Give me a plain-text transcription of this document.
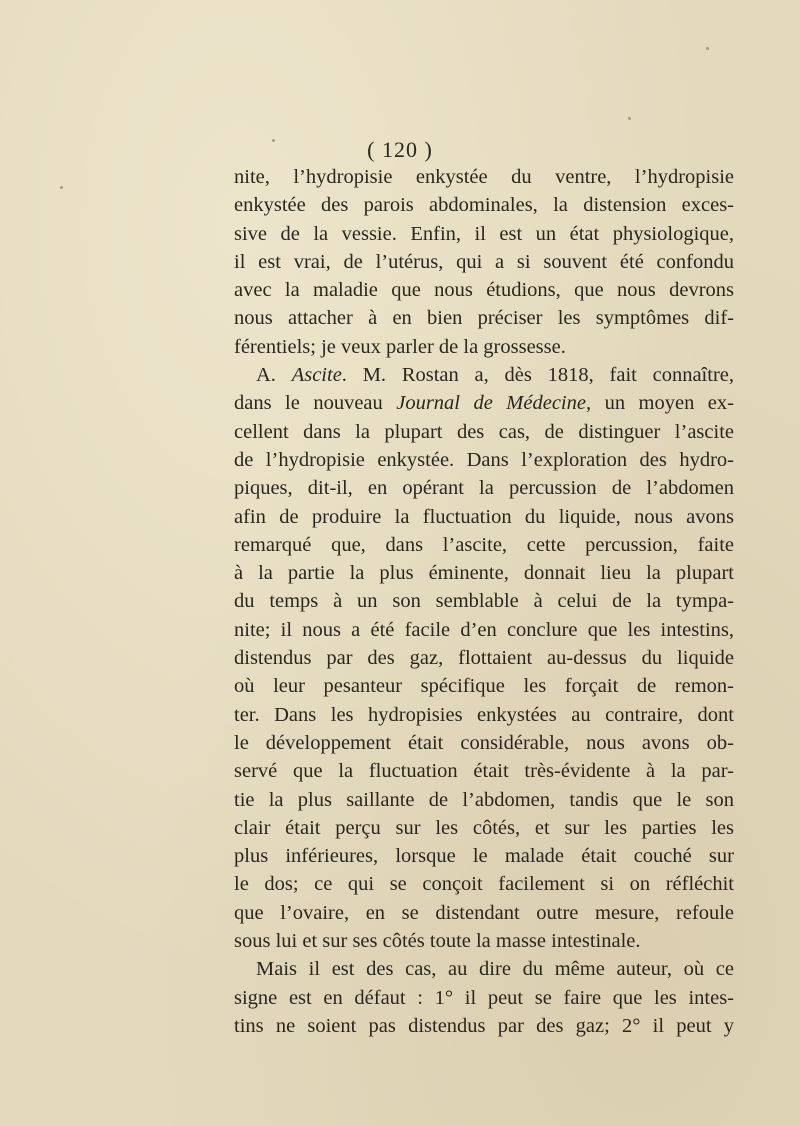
( 120 )
nite, l’hydropisie enkystée du ventre, l’hydropisie
enkystée des parois abdominales, la distension exces-
sive de la vessie. Enfin, il est un état physiologique,
il est vrai, de l’utérus, qui a si souvent été confondu
avec la maladie que nous étudions, que nous devrons
nous attacher à en bien préciser les symptômes dif-
férentiels; je veux parler de la grossesse.
A. Ascite. M. Rostan a, dès 1818, fait connaître,
dans le nouveau Journal de Médecine, un moyen ex-
cellent dans la plupart des cas, de distinguer l’ascite
de l’hydropisie enkystée. Dans l’exploration des hydro-
piques, dit-il, en opérant la percussion de l’abdomen
afin de produire la fluctuation du liquide, nous avons
remarqué que, dans l’ascite, cette percussion, faite
à la partie la plus éminente, donnait lieu la plupart
du temps à un son semblable à celui de la tympa-
nite; il nous a été facile d’en conclure que les intestins,
distendus par des gaz, flottaient au-dessus du liquide
où leur pesanteur spécifique les forçait de remon-
ter. Dans les hydropisies enkystées au contraire, dont
le développement était considérable, nous avons ob-
servé que la fluctuation était très-évidente à la par-
tie la plus saillante de l’abdomen, tandis que le son
clair était perçu sur les côtés, et sur les parties les
plus inférieures, lorsque le malade était couché sur
le dos; ce qui se conçoit facilement si on réfléchit
que l’ovaire, en se distendant outre mesure, refoule
sous lui et sur ses côtés toute la masse intestinale.
Mais il est des cas, au dire du même auteur, où ce
signe est en défaut : 1° il peut se faire que les intes-
tins ne soient pas distendus par des gaz; 2° il peut y
